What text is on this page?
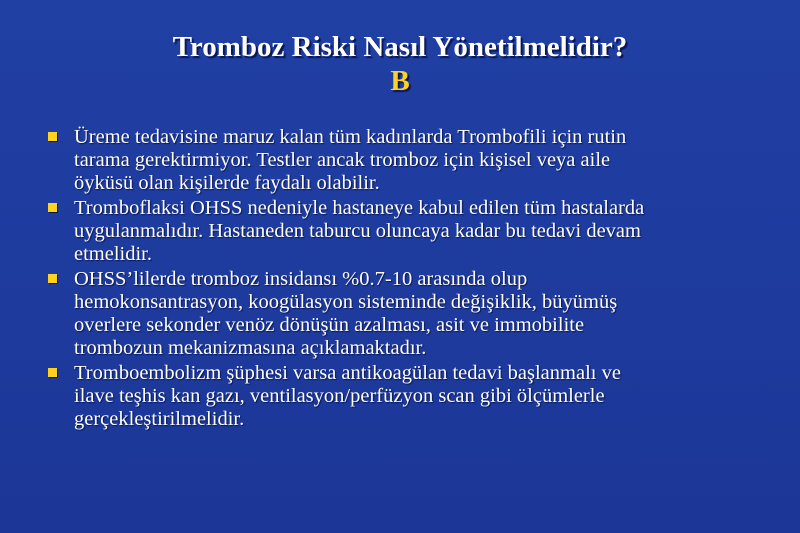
Tromboz Riski Nasıl Yönetilmelidir?
B
Üreme tedavisine maruz kalan tüm kadınlarda Trombofili için rutin
tarama gerektirmiyor. Testler ancak tromboz için kişisel veya aile
öyküsü olan kişilerde faydalı olabilir.
Tromboflaksi OHSS nedeniyle hastaneye kabul edilen tüm hastalarda
uygulanmalıdır. Hastaneden taburcu oluncaya kadar bu tedavi devam
etmelidir.
OHSS’lilerde tromboz insidansı %0.7-10 arasında olup
hemokonsantrasyon, koogülasyon sisteminde değişiklik, büyümüş
overlere sekonder venöz dönüşün azalması, asit ve immobilite
trombozun mekanizmasına açıklamaktadır.
Tromboembolizm şüphesi varsa antikoagülan tedavi başlanmalı ve
ilave teşhis kan gazı, ventilasyon/perfüzyon scan gibi ölçümlerle
gerçekleştirilmelidir.
